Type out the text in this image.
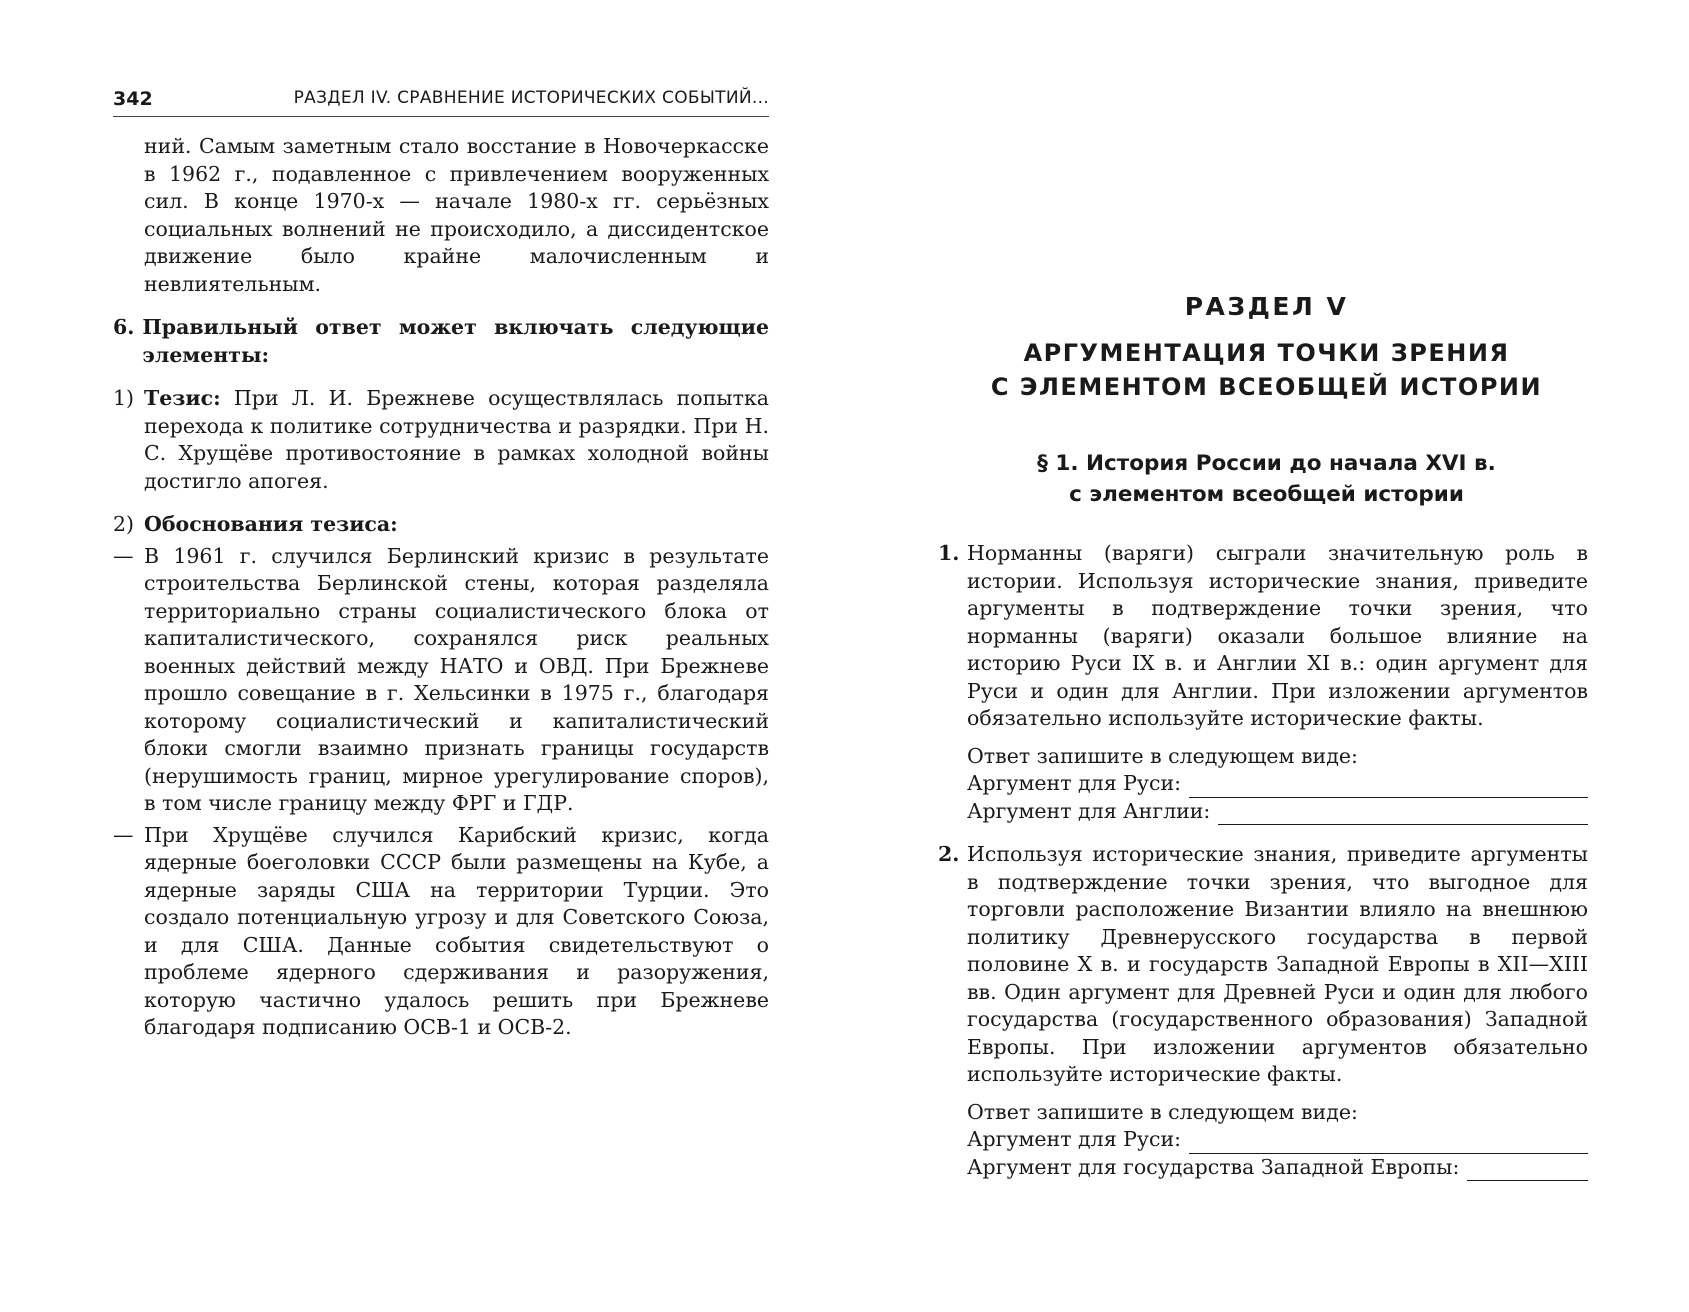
342	РАЗДЕЛ IV. СРАВНЕНИЕ ИСТОРИЧЕСКИХ СОБЫТИЙ...

ний. Самым заметным стало восстание в Новочеркасске в 1962 г., подавленное с привлечением вооруженных сил. В конце 1970-х — начале 1980-х гг. серьёзных социальных волнений не происходило, а диссидентское движение было крайне малочисленным и невлиятельным.

6. Правильный ответ может включать следующие элементы:
1) Тезис: При Л. И. Брежневе осуществлялась попытка перехода к политике сотрудничества и разрядки. При Н. С. Хрущёве противостояние в рамках холодной войны достигло апогея.
2) Обоснования тезиса:
— В 1961 г. случился Берлинский кризис в результате строительства Берлинской стены, которая разделяла территориально страны социалистического блока от капиталистического, сохранялся риск реальных военных действий между НАТО и ОВД. При Брежневе прошло совещание в г. Хельсинки в 1975 г., благодаря которому социалистический и капиталистический блоки смогли взаимно признать границы государств (нерушимость границ, мирное урегулирование споров), в том числе границу между ФРГ и ГДР.
— При Хрущёве случился Карибский кризис, когда ядерные боеголовки СССР были размещены на Кубе, а ядерные заряды США на территории Турции. Это создало потенциальную угрозу и для Советского Союза, и для США. Данные события свидетельствуют о проблеме ядерного сдерживания и разоружения, которую частично удалось решить при Брежневе благодаря подписанию ОСВ-1 и ОСВ-2.
РАЗДЕЛ V
АРГУМЕНТАЦИЯ ТОЧКИ ЗРЕНИЯ
С ЭЛЕМЕНТОМ ВСЕОБЩЕЙ ИСТОРИИ
§ 1. История России до начала XVI в.
с элементом всеобщей истории
1. Норманны (варяги) сыграли значительную роль в истории. Используя исторические знания, приведите аргументы в подтверждение точки зрения, что норманны (варяги) оказали большое влияние на историю Руси IX в. и Англии XI в.: один аргумент для Руси и один для Англии. При изложении аргументов обязательно используйте исторические факты.

Ответ запишите в следующем виде:

Аргумент для Руси:
Аргумент для Англии:
2. Используя исторические знания, приведите аргументы в подтверждение точки зрения, что выгодное для торговли расположение Византии влияло на внешнюю политику Древнерусского государства в первой половине X в. и государств Западной Европы в XII—XIII вв. Один аргумент для Древней Руси и один для любого государства (государственного образования) Западной Европы. При изложении аргументов обязательно используйте исторические факты.

Ответ запишите в следующем виде:

Аргумент для Руси:
Аргумент для государства Западной Европы:
